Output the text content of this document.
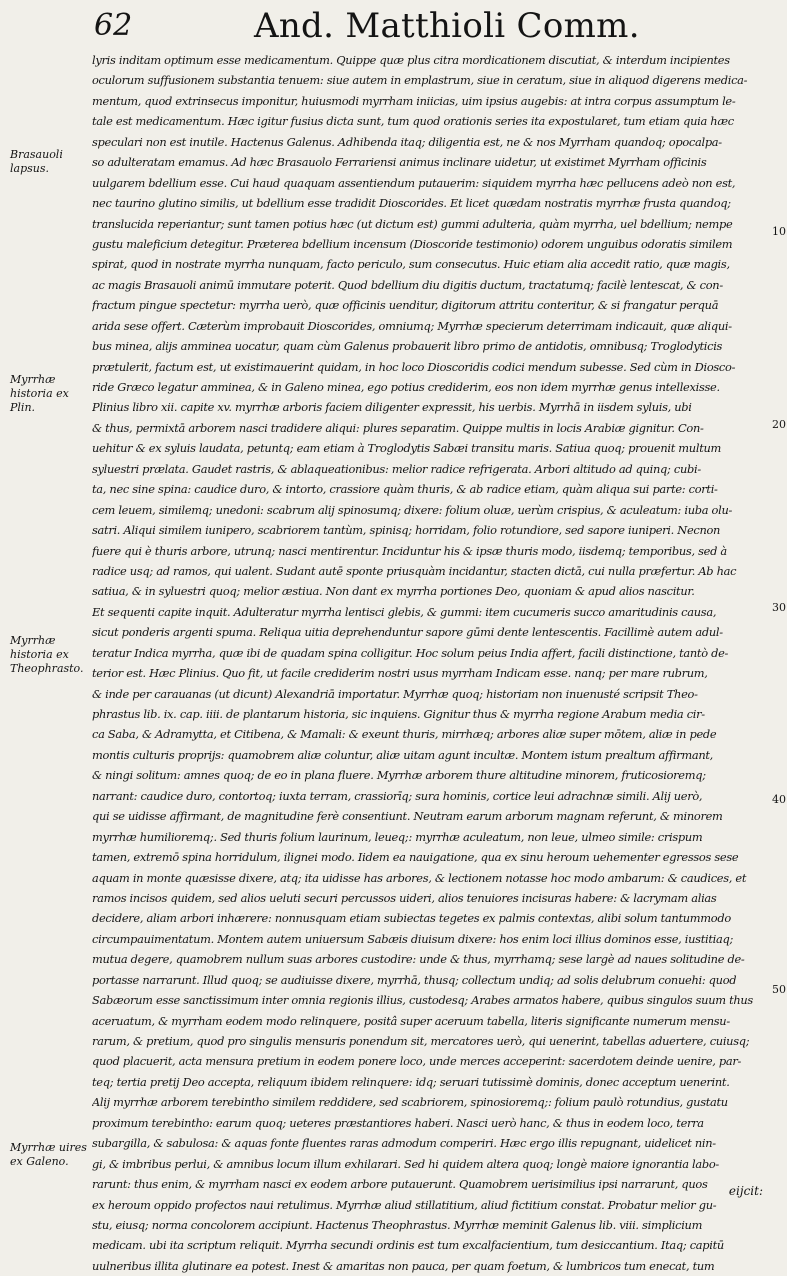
62	And. Matthioli Comm.
Brasauoli lapsus.
Myrrhæ historia ex Plin.
Myrrhæ historia ex Theophrasto.
Myrrhæ uires ex Galeno.
10
20
30
40
50
lyris inditam optimum esse medicamentum. Quippe quæ plus citra mordicationem discutiat, & interdum incipientes
oculorum suffusionem substantia tenuem: siue autem in emplastrum, siue in ceratum, siue in aliquod digerens medica-
mentum, quod extrinsecus imponitur, huiusmodi myrrham iniicias, uim ipsius augebis: at intra corpus assumptum le-
tale est medicamentum. Hæc igitur fusius dicta sunt, tum quod orationis series ita expostularet, tum etiam quia hæc
speculari non est inutile. Hactenus Galenus. Adhibenda itaq; diligentia est, ne & nos Myrrham quandoq; opocalpa-
so adulteratam emamus. Ad hæc Brasauolo Ferrariensi animus inclinare uidetur, ut existimet Myrrham officinis
uulgarem bdellium esse. Cui haud quaquam assentiendum putauerim: siquidem myrrha hæc pellucens adeò non est,
nec taurino glutino similis, ut bdellium esse tradidit Dioscorides. Et licet quædam nostratis myrrhæ frusta quandoq;
translucida reperiantur; sunt tamen potius hæc (ut dictum est) gummi adulteria, quàm myrrha, uel bdellium; nempe
gustu maleficium detegitur. Præterea bdellium incensum (Dioscoride testimonio) odorem unguibus odoratis similem
spirat, quod in nostrate myrrha nunquam, facto periculo, sum consecutus. Huic etiam alia accedit ratio, quæ magis,
ac magis Brasauoli animū immutare poterit. Quod bdellium diu digitis ductum, tractatumq; facilè lentescat, & con-
fractum pingue spectetur: myrrha uerò, quæ officinis uenditur, digitorum attritu conteritur, & si frangatur perquā
arida sese offert. Cæterùm improbauit Dioscorides, omniumq; Myrrhæ specierum deterrimam indicauit, quæ aliqui-
bus minea, alijs amminea uocatur, quam cùm Galenus probauerit libro primo de antidotis, omnibusq; Troglodyticis
prætulerit, factum est, ut existimauerint quidam, in hoc loco Dioscoridis codici mendum subesse. Sed cùm in Diosco-
ride Græco legatur amminea, & in Galeno minea, ego potius crediderim, eos non idem myrrhæ genus intellexisse.
Plinius libro xii. capite xv. myrrhæ arboris faciem diligenter expressit, his uerbis. Myrrhā in iisdem syluis, ubi
& thus, permixtā arborem nasci tradidere aliqui: plures separatim. Quippe multis in locis Arabiæ gignitur. Con-
uehitur & ex syluis laudata, petuntq; eam etiam à Troglodytis Sabæi transitu maris. Satiua quoq; prouenit multum
syluestri prælata. Gaudet rastris, & ablaqueationibus: melior radice refrigerata. Arbori altitudo ad quinq; cubi-
ta, nec sine spina: caudice duro, & intorto, crassiore quàm thuris, & ab radice etiam, quàm aliqua sui parte: corti-
cem leuem, similemq; unedoni: scabrum alij spinosumq; dixere: folium oluæ, uerùm crispius, & aculeatum: iuba olu-
satri. Aliqui similem iunipero, scabriorem tantùm, spinisq; horridam, folio rotundiore, sed sapore iuniperi. Necnon
fuere qui è thuris arbore, utrunq; nasci mentirentur. Inciduntur his & ipsæ thuris modo, iisdemq; temporibus, sed à
radice usq; ad ramos, qui ualent. Sudant autē sponte priusquàm incidantur, stacten dictā, cui nulla præfertur. Ab hac
satiua, & in syluestri quoq; melior æstiua. Non dant ex myrrha portiones Deo, quoniam & apud alios nascitur.
Et sequenti capite inquit. Adulteratur myrrha lentisci glebis, & gummi: item cucumeris succo amaritudinis causa,
sicut ponderis argenti spuma. Reliqua uitia deprehenduntur sapore gūmi dente lentescentis. Facillimè autem adul-
teratur Indica myrrha, quæ ibi de quadam spina colligitur. Hoc solum peius India affert, facili distinctione, tantò de-
terior est. Hæc Plinius. Quo fit, ut facile crediderim nostri usus myrrham Indicam esse. nanq; per mare rubrum,
& inde per carauanas (ut dicunt) Alexandriā importatur. Myrrhæ quoq; historiam non inuenusté scripsit Theo-
phrastus lib. ix. cap. iiii. de plantarum historia, sic inquiens. Gignitur thus & myrrha regione Arabum media cir-
ca Saba, & Adramytta, et Citibena, & Mamali: & exeunt thuris, mirrhæq; arbores aliæ super mōtem, aliæ in pede
montis culturis proprijs: quamobrem aliæ coluntur, aliæ uitam agunt incultæ. Montem istum prealtum affirmant,
& ningi solitum: amnes quoq; de eo in plana fluere. Myrrhæ arborem thure altitudine minorem, fruticosioremq;
narrant: caudice duro, contortoq; iuxta terram, crassiorīq; sura hominis, cortice leui adrachnæ simili. Alij uerò,
qui se uidisse affirmant, de magnitudine ferè consentiunt. Neutram earum arborum magnam referunt, & minorem
myrrhæ humilioremq;. Sed thuris folium laurinum, leueq;: myrrhæ aculeatum, non leue, ulmeo simile: crispum
tamen, extremō spina horridulum, ilignei modo. Iidem ea nauigatione, qua ex sinu heroum uehementer egressos sese
aquam in monte quæsisse dixere, atq; ita uidisse has arbores, & lectionem notasse hoc modo ambarum: & caudices, et
ramos incisos quidem, sed alios ueluti securi percussos uideri, alios tenuiores incisuras habere: & lacrymam alias
decidere, aliam arbori inhærere: nonnusquam etiam subiectas tegetes ex palmis contextas, alibi solum tantummodo
circumpauimentatum. Montem autem uniuersum Sabæis diuisum dixere: hos enim loci illius dominos esse, iustitiaq;
mutua degere, quamobrem nullum suas arbores custodire: unde & thus, myrrhamq; sese largè ad naues solitudine de-
portasse narrarunt. Illud quoq; se audiuisse dixere, myrrhā, thusq; collectum undiq; ad solis delubrum conuehi: quod
Sabæorum esse sanctissimum inter omnia regionis illius, custodesq; Arabes armatos habere, quibus singulos suum thus
aceruatum, & myrrham eodem modo relinquere, positâ super aceruum tabella, literis significante numerum mensu-
rarum, & pretium, quod pro singulis mensuris ponendum sit, mercatores uerò, qui uenerint, tabellas aduertere, cuiusq;
quod placuerit, acta mensura pretium in eodem ponere loco, unde merces acceperint: sacerdotem deinde uenire, par-
teq; tertia pretij Deo accepta, reliquum ibidem relinquere: idq; seruari tutissimè dominis, donec acceptum uenerint.
Alij myrrhæ arborem terebintho similem reddidere, sed scabriorem, spinosioremq;: folium paulò rotundius, gustatu
proximum terebintho: earum quoq; ueteres præstantiores haberi. Nasci uerò hanc, & thus in eodem loco, terra
subargilla, & sabulosa: & aquas fonte fluentes raras admodum comperiri. Hæc ergo illis repugnant, uidelicet nin-
gi, & imbribus perlui, & amnibus locum illum exhilarari. Sed hi quidem altera quoq; longè maiore ignorantia labo-
rarunt: thus enim, & myrrham nasci ex eodem arbore putauerunt. Quamobrem uerisimilius ipsi narrarunt, quos
ex heroum oppido profectos naui retulimus. Myrrhæ aliud stillatitium, aliud fictitium constat. Probatur melior gu-
stu, eiusq; norma concolorem accipiunt. Hactenus Theophrastus. Myrrhæ meminit Galenus lib. viii. simplicium
medicam. ubi ita scriptum reliquit. Myrrha secundi ordinis est tum excalfacientium, tum desiccantium. Itaq; capitū
uulneribus illita glutinare ea potest. Inest & amaritas non pauca, per quam foetum, & lumbricos tum enecat, tum
eijcit:
